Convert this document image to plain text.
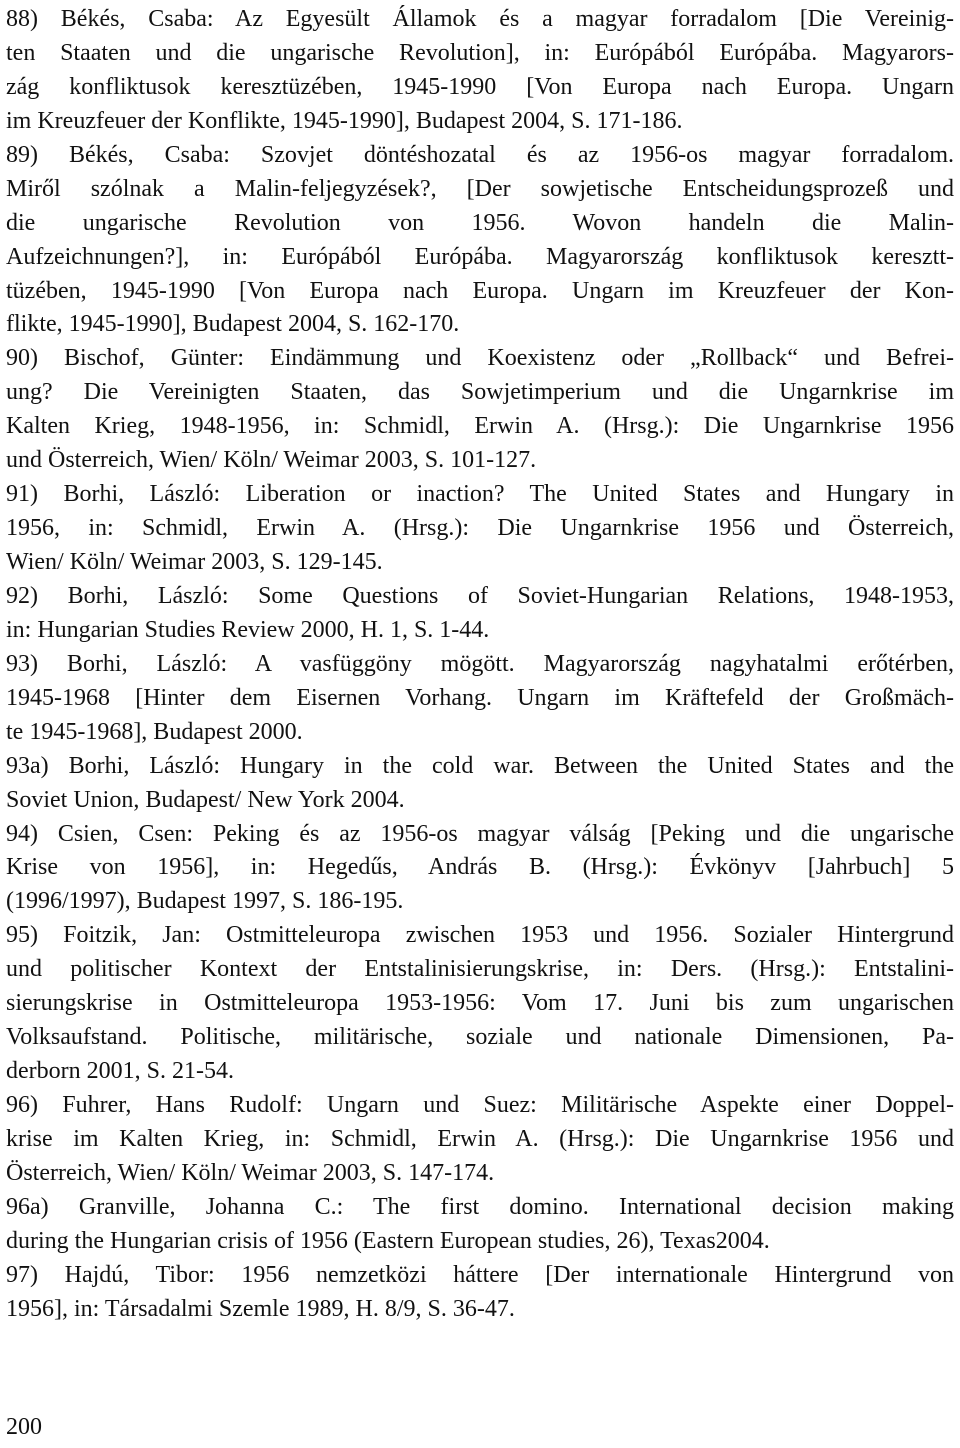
88) Békés, Csaba: Az Egyesült Államok és a magyar forradalom [Die Vereinig-
ten Staaten und die ungarische Revolution], in: Európából Európába. Magyarors-
zág konfliktusok keresztüzében, 1945-1990 [Von Europa nach Europa. Ungarn
im Kreuzfeuer der Konflikte, 1945-1990], Budapest 2004, S. 171-186.
89) Békés, Csaba: Szovjet döntéshozatal és az 1956-os magyar forradalom.
Miről szólnak a Malin-feljegyzések?, [Der sowjetische Entscheidungsprozeß und
die ungarische Revolution von 1956. Wovon handeln die Malin-
Aufzeichnungen?], in: Európából Európába. Magyarország konfliktusok keresztt-
tüzében, 1945-1990 [Von Europa nach Europa. Ungarn im Kreuzfeuer der Kon-
flikte, 1945-1990], Budapest 2004, S. 162-170.
90) Bischof, Günter: Eindämmung und Koexistenz oder „Rollback“ und Befrei-
ung? Die Vereinigten Staaten, das Sowjetimperium und die Ungarnkrise im
Kalten Krieg, 1948-1956, in: Schmidl, Erwin A. (Hrsg.): Die Ungarnkrise 1956
und Österreich, Wien/ Köln/ Weimar 2003, S. 101-127.
91) Borhi, László: Liberation or inaction? The United States and Hungary in
1956, in: Schmidl, Erwin A. (Hrsg.): Die Ungarnkrise 1956 und Österreich,
Wien/ Köln/ Weimar 2003, S. 129-145.
92) Borhi, László: Some Questions of Soviet-Hungarian Relations, 1948-1953,
in: Hungarian Studies Review 2000, H. 1, S. 1-44.
93) Borhi, László: A vasfüggöny mögött. Magyarország nagyhatalmi erőtérben,
1945-1968 [Hinter dem Eisernen Vorhang. Ungarn im Kräftefeld der Großmäch-
te 1945-1968], Budapest 2000.
93a) Borhi, László: Hungary in the cold war. Between the United States and the
Soviet Union, Budapest/ New York 2004.
94) Csien, Csen: Peking és az 1956-os magyar válság [Peking und die ungarische
Krise von 1956], in: Hegedűs, András B. (Hrsg.): Évkönyv [Jahrbuch] 5
(1996/1997), Budapest 1997, S. 186-195.
95) Foitzik, Jan: Ostmitteleuropa zwischen 1953 und 1956. Sozialer Hintergrund
und politischer Kontext der Entstalinisierungskrise, in: Ders. (Hrsg.): Entstalini-
sierungskrise in Ostmitteleuropa 1953-1956: Vom 17. Juni bis zum ungarischen
Volksaufstand. Politische, militärische, soziale und nationale Dimensionen, Pa-
derborn 2001, S. 21-54.
96) Fuhrer, Hans Rudolf: Ungarn und Suez: Militärische Aspekte einer Doppel-
krise im Kalten Krieg, in: Schmidl, Erwin A. (Hrsg.): Die Ungarnkrise 1956 und
Österreich, Wien/ Köln/ Weimar 2003, S. 147-174.
96a) Granville, Johanna C.: The first domino. International decision making
during the Hungarian crisis of 1956 (Eastern European studies, 26), Texas2004.
97) Hajdú, Tibor: 1956 nemzetközi háttere [Der internationale Hintergrund von
1956], in: Társadalmi Szemle 1989, H. 8/9, S. 36-47.
200
